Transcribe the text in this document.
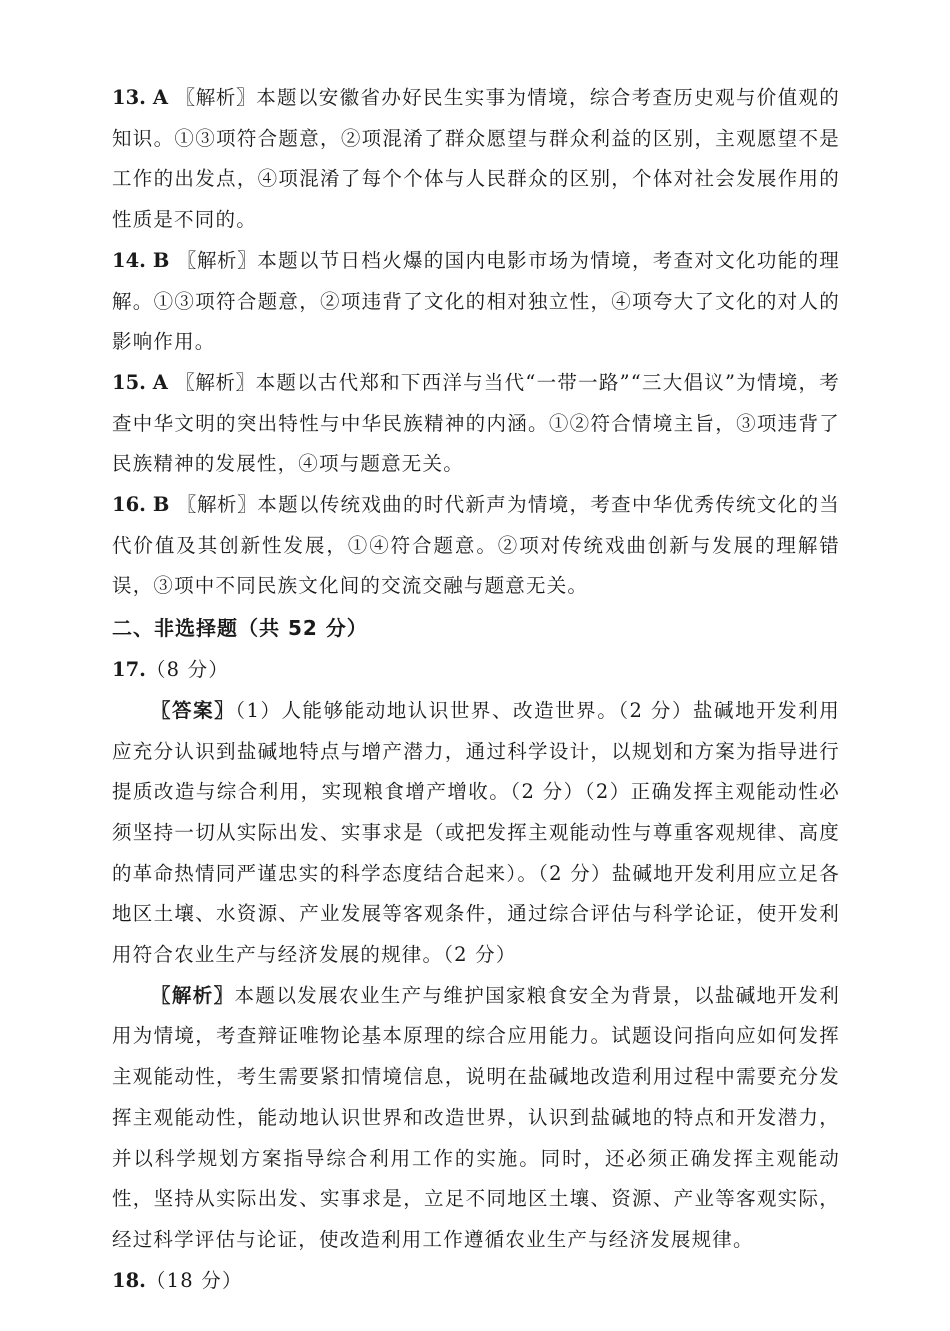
13. A 〖解析〗本题以安徽省办好民生实事为情境，综合考查历史观与价值观的知识。①③项符合题意，②项混淆了群众愿望与群众利益的区别，主观愿望不是工作的出发点，④项混淆了每个个体与人民群众的区别，个体对社会发展作用的性质是不同的。

14. B 〖解析〗本题以节日档火爆的国内电影市场为情境，考查对文化功能的理解。①③项符合题意，②项违背了文化的相对独立性，④项夸大了文化的对人的影响作用。

15. A 〖解析〗本题以古代郑和下西洋与当代“一带一路”“三大倡议”为情境，考查中华文明的突出特性与中华民族精神的内涵。①②符合情境主旨，③项违背了民族精神的发展性，④项与题意无关。

16. B 〖解析〗本题以传统戏曲的时代新声为情境，考查中华优秀传统文化的当代价值及其创新性发展，①④符合题意。②项对传统戏曲创新与发展的理解错误，③项中不同民族文化间的交流交融与题意无关。

二、非选择题（共 52 分）

17.（8 分）

〖答案〗（1）人能够能动地认识世界、改造世界。（2 分）盐碱地开发利用应充分认识到盐碱地特点与增产潜力，通过科学设计，以规划和方案为指导进行提质改造与综合利用，实现粮食增产增收。（2 分）（2）正确发挥主观能动性必须坚持一切从实际出发、实事求是（或把发挥主观能动性与尊重客观规律、高度的革命热情同严谨忠实的科学态度结合起来）。（2 分）盐碱地开发利用应立足各地区土壤、水资源、产业发展等客观条件，通过综合评估与科学论证，使开发利用符合农业生产与经济发展的规律。（2 分）

〖解析〗本题以发展农业生产与维护国家粮食安全为背景，以盐碱地开发利用为情境，考查辩证唯物论基本原理的综合应用能力。试题设问指向应如何发挥主观能动性，考生需要紧扣情境信息，说明在盐碱地改造利用过程中需要充分发挥主观能动性，能动地认识世界和改造世界，认识到盐碱地的特点和开发潜力，并以科学规划方案指导综合利用工作的实施。同时，还必须正确发挥主观能动性，坚持从实际出发、实事求是，立足不同地区土壤、资源、产业等客观实际，经过科学评估与论证，使改造利用工作遵循农业生产与经济发展规律。

18.（18 分）
